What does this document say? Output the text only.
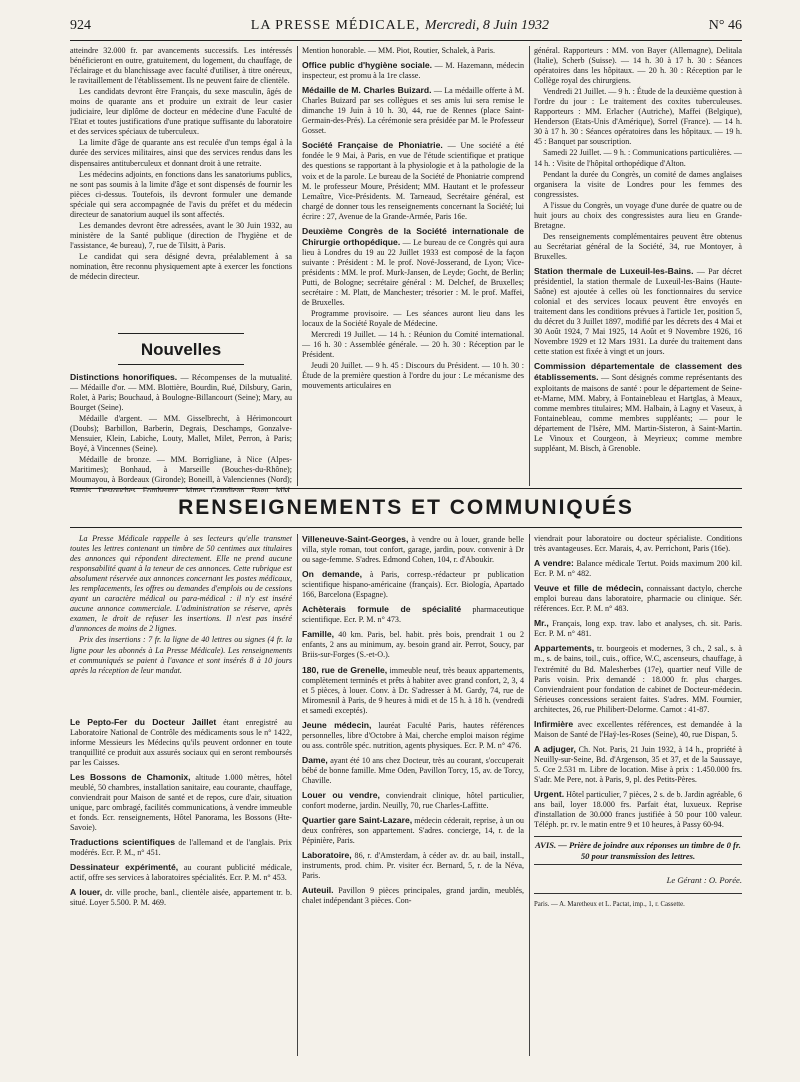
924	LA PRESSE MÉDICALE, Mercredi, 8 Juin 1932	N° 46

atteindre 32.000 fr. par avancements successifs. Les intéressés bénéficieront en outre, gratuitement, du logement, du chauffage, de l'éclairage et du blanchissage avec faculté d'utiliser, à titre onéreux, le ravitaillement de l'établissement. Ils ne peuvent faire de clientèle.

Les candidats devront être Français, du sexe masculin, âgés de moins de quarante ans et produire un extrait de leur casier judiciaire, leur diplôme de docteur en médecine d'une Faculté de l'Etat et toutes justifications d'une pratique suffisante du laboratoire et des services spéciaux de tuberculeux.

La limite d'âge de quarante ans est reculée d'un temps égal à la durée des services militaires, ainsi que des services rendus dans les dispensaires antituberculeux et donnant droit à une retraite.

Les médecins adjoints, en fonctions dans les sanatoriums publics, ne sont pas soumis à la limite d'âge et sont dispensés de fournir les pièces ci-dessus. Toutefois, ils devront formuler une demande spéciale qui sera accompagnée de l'avis du préfet et du médecin directeur de sanatorium auquel ils sont affectés.

Les demandes devront être adressées, avant le 30 Juin 1932, au ministère de la Santé publique (direction de l'hygiène et de l'assistance, 4e bureau), 7, rue de Tilsitt, à Paris.

Le candidat qui sera désigné devra, préalablement à sa nomination, être reconnu physiquement apte à exercer les fonctions de médecin directeur.

Nouvelles

Distinctions honorifiques. — Récompenses de la mutualité. — Médaille d'or. — MM. Blottière, Bourdin, Rué, Dilsbury, Garin, Rolet, à Paris; Bouchaud, à Boulogne-Billancourt (Seine); Mary, au Bourget (Seine).

Médaille d'argent. — MM. Gisselbrecht, à Hérimoncourt (Doubs); Barbillon, Barberin, Degrais, Deschamps, Gonzalve-Mensuier, Klein, Labiche, Louty, Mallet, Milet, Perron, à Paris; Boyé, à Vincennes (Seine).

Médaille de bronze. — MM. Borrigliane, à Nice (Alpes-Maritimes); Bonhaud, à Marseille (Bouches-du-Rhône); Moumayou, à Bordeaux (Gironde); Boneill, à Valenciennes (Nord);

Mention honorable. — MM. Piot, Routier, Schalek, à Paris.

Office public d'hygiène sociale. — M. Hazemann, médecin inspecteur, est promu à la 1re classe.

Médaille de M. Charles Buizard. — La médaille offerte à M. Charles Buizard par ses collègues et ses amis lui sera remise le dimanche 19 Juin à 10 h. 30, 44, rue de Rennes (place Saint-Germain-des-Prés). La cérémonie sera présidée par M. le Professeur Gosset.

Société Française de Phoniatrie. — Une société a été fondée le 9 Mai, à Paris, en vue de l'étude scientifique et pratique des questions se rapportant à la physiologie et à la pathologie de la voix et de la parole. Le bureau de la Société de Phoniatrie comprend M. le professeur Moure, Président; MM. Hautant et le professeur Lemaître, Vice-Présidents. M. Tarneaud, Secrétaire général, est chargé de donner tous les renseignements concernant la Société; lui écrire : 27, Avenue de la Grande-Armée, Paris 16e.

Deuxième Congrès de la Société internationale de Chirurgie orthopédique. — Le bureau de ce Congrès qui aura lieu à Londres du 19 au 22 Juillet 1933 est composé de la façon suivante : Président : M. le prof. Nové-Josserand, de Lyon; Vice-présidents : MM. le prof. Murk-Jansen, de Leyde; Gocht, de Berlin; Putti, de Bologne; secrétaire général : M. Delchef, de Bruxelles; secrétaire : M. Platt, de Manchester; trésorier : M. le prof. Maffei, de Bruxelles.

Programme provisoire. — Les séances auront lieu dans les locaux de la Société Royale de Médecine.

Mercredi 19 Juillet. — 14 h. : Réunion du Comité international. — 16 h. 30 : Assemblée générale. — 20 h. 30 : Réception par le Président.

Jeudi 20 Juillet. — 9 h. 45 : Discours du Président. — 10 h. 30 : Étude de la première question à l'ordre du jour : Le mécanisme des mouvements articulaires en

général. Rapporteurs : MM. von Bayer (Allemagne), Delitala (Italie), Scherb (Suisse). — 14 h. 30 à 17 h. 30 : Séances opératoires dans les hôpitaux. — 20 h. 30 : Réception par le Collège royal des chirurgiens.

Vendredi 21 Juillet. — 9 h. : Étude de la deuxième question à l'ordre du jour : Le traitement des coxites tuberculeuses. Rapporteurs : MM. Erlacher (Autriche), Maffei (Belgique), Henderson (Etats-Unis d'Amérique), Sorrel (France). — 14 h. 30 à 17 h. 30 : Séances opératoires dans les hôpitaux. — 19 h. 45 : Banquet par souscription.

Samedi 22 Juillet. — 9 h. : Communications particulières. — 14 h. : Visite de l'hôpital orthopédique d'Alton.

Pendant la durée du Congrès, un comité de dames anglaises organisera la visite de Londres pour les femmes des congressistes.

A l'issue du Congrès, un voyage d'une durée de quatre ou de huit jours au choix des congressistes aura lieu en Grande-Bretagne.

Des renseignements complémentaires peuvent être obtenus au Secrétariat général de la Société, 34, rue Montoyer, à Bruxelles.

Station thermale de Luxeuil-les-Bains. — Par décret présidentiel, la station thermale de Luxeuil-les-Bains (Haute-Saône) est ajoutée à celles où les fonctionnaires du service colonial et des services locaux peuvent être envoyés en traitement dans les conditions prévues à l'article 1er, position 5, du décret du 3 Juillet 1897, modifié par les décrets des 4 Mai et 30 Août 1924, 7 Mai 1925, 14 Août et 9 Novembre 1926, 16 Novembre 1929 et 12 Mars 1931. La durée du traitement dans cette station est fixée à vingt et un jours.

Commission départementale de classement des établissements. — Sont désignés comme représentants des exploitants de maisons de santé : pour le département de Seine-et-Marne, MM. Mabry, à Fontainebleau et Hartglas, à Meaux, comme membres titulaires; MM. Halbain, à Lagny et Vaseux, à Fontainebleau, comme membres suppléants; — pour le département de l'Isère, MM. Martin-Sisteron, à Saint-Martin. Le Vinoux et Courgeon, à Meyrieux; comme membre suppléant, M. Bisch, à Grenoble.

RENSEIGNEMENTS ET COMMUNIQUÉS

La Presse Médicale rappelle à ses lecteurs qu'elle transmet toutes les lettres contenant un timbre de 50 centimes aux titulaires des annonces qui répondent directement. Elle ne prend aucune responsabilité quant à la teneur de ces annonces. Cette rubrique est absolument réservée aux annonces concernant les postes médicaux, les remplacements, les offres ou demandes d'emplois ou de cessions ayant un caractère médical ou para-médical : il n'y est inséré aucune annonce commerciale. L'administration se réserve, après examen, le droit de refuser les insertions. Il n'est pas inséré d'annonces de moins de 2 lignes.

Prix des insertions : 7 fr. la ligne de 40 lettres ou signes (4 fr. la ligne pour les abonnés à La Presse Médicale). Les renseignements et communiqués se paient à l'avance et sont insérés 8 à 10 jours après la réception de leur mandat.

Le Pepto-Fer du Docteur Jaillet étant enregistré au Laboratoire National de Contrôle des médicaments sous le n° 1422, informe Messieurs les Médecins qu'ils peuvent ordonner en toute tranquillité ce produit aux assurés sociaux qui en seront remboursés par les Caisses.

Les Bossons de Chamonix, altitude 1.000 mètres, hôtel meublé, 50 chambres, installation sanitaire, eau courante, chauffage, conviendrait pour Maison de santé et de repos, cure d'air, situation unique, parc ombragé, facilités communications, à vendre immeuble et fonds. Ecr. renseignements, Hôtel Panorama, les Bossons (Hte-Savoie).

Traductions scientifiques de l'allemand et de l'anglais. Prix modérés. Ecr. P. M., n° 451.

Dessinateur expérimenté, au courant publicité médicale, actif, offre ses services à laboratoires spécialités. Ecr. P. M. n° 453.

A louer, dr. ville proche, banl., clientèle aisée, appartement tr. b. situé. Loyer 5.500. P. M. 469.

Villeneuve-Saint-Georges, à vendre ou à louer, grande belle villa, style roman, tout confort, garage, jardin, pouv. convenir à Dr ou sage-femme. S'adres. Edmond Cohen, 104, r. d'Aboukir.

On demande, à Paris, corresp.-rédacteur pr publication scientifique hispano-américaine (français). Ecr. Biología, Apartado 166, Barcelona (Espagne).

Achèterais formule de spécialité pharmaceutique scientifique. Ecr. P. M. n° 473.

Famille, 40 km. Paris, bel. habit. près bois, prendrait 1 ou 2 enfants, 2 ans au minimum, ay. besoin grand air. Perrot, Soucy, par Briis-sur-Forges (S.-et-O.).

180, rue de Grenelle, immeuble neuf, très beaux appartements, complètement terminés et prêts à habiter avec grand confort, 2, 3, 4 et 5 pièces, à louer. Conv. à Dr. S'adresser à M. Gardy, 74, rue de Miromesnil à Paris, de 9 heures à midi et de 15 h. à 18 h. (vendredi et samedi exceptés).

Jeune médecin, lauréat Faculté Paris, hautes références personnelles, libre d'Octobre à Mai, cherche emploi maison régime ou ass. contrôle spéc. nutrition, agents physiques. Ecr. P. M. n° 476.

Dame, ayant été 10 ans chez Docteur, très au courant, s'occuperait bébé de bonne famille. Mme Oden, Pavillon Torcy, 15, av. de Torcy, Chaville.

Louer ou vendre, conviendrait clinique, hôtel particulier, confort moderne, jardin. Neuilly, 70, rue Charles-Laffitte.

Quartier gare Saint-Lazare, médecin céderait, reprise, à un ou deux confrères, son appartement. S'adres. concierge, 14, r. de la Pépinière, Paris.

Laboratoire, 86, r. d'Amsterdam, à céder av. dr. au bail, install., instruments, prod. chim. Pr. visiter écr. Bernard, 5, r. de la Néva, Paris.

Auteuil. Pavillon 9 pièces principales, grand jardin, meublés, chalet indépendant 3 pièces. Con-

viendrait pour laboratoire ou docteur spécialiste. Conditions très avantageuses. Ecr. Marais, 4, av. Perrichont, Paris (16e).

A vendre: Balance médicale Tertut. Poids maximum 200 kil. Ecr. P. M. n° 482.

Veuve et fille de médecin, connaissant dactylo, cherche emploi bureau dans laboratoire, pharmacie ou clinique. Sér. références. Ecr. P. M. n° 483.

Mr., Français, long exp. trav. labo et analyses, ch. sit. Paris. Ecr. P. M. n° 481.

Appartements, tr. bourgeois et modernes, 3 ch., 2 sal., s. à m., s. de bains, toil., cuis., office, W.C, ascenseurs, chauffage, à l'extrémité du Bd. Malesherbes (17e), quartier neuf Ville de Paris voisin. Prix demandé : 18.000 fr. plus charges. Conviendraient pour fondation de cabinet de Docteur-médecin. Sérieuses concessions seraient faites. S'adres. MM. Fournier, architectes, 26, rue Philibert-Delorme. Carnot : 41-87.

Infirmière avec excellentes références, est demandée à la Maison de Santé de l'Haÿ-les-Roses (Seine), 40, rue Dispan, 5.

A adjuger, Ch. Not. Paris, 21 Juin 1932, à 14 h., propriété à Neuilly-sur-Seine, Bd. d'Argenson, 35 et 37, et de la Saussaye, 5. Cce 2.531 m. Libre de location. Mise à prix : 1.450.000 frs. S'adr. Me Pere, not. à Paris, 9, pl. des Petits-Pères.

Urgent. Hôtel particulier, 7 pièces, 2 s. de b. Jardin agréable, 6 ans bail, loyer 18.000 frs. Parfait état, luxueux. Reprise d'installation de 30.000 francs justifiée à 50 pour 100 valeur. Téléph. pr. rv. le matin entre 9 et 10 heures, à Passy 60-94.

AVIS. — Prière de joindre aux réponses un timbre de 0 fr. 50 pour transmission des lettres.
Le Gérant : O. Porée.
Paris. — A. Maretheux et L. Pactat, imp., 1, r. Cassette.
